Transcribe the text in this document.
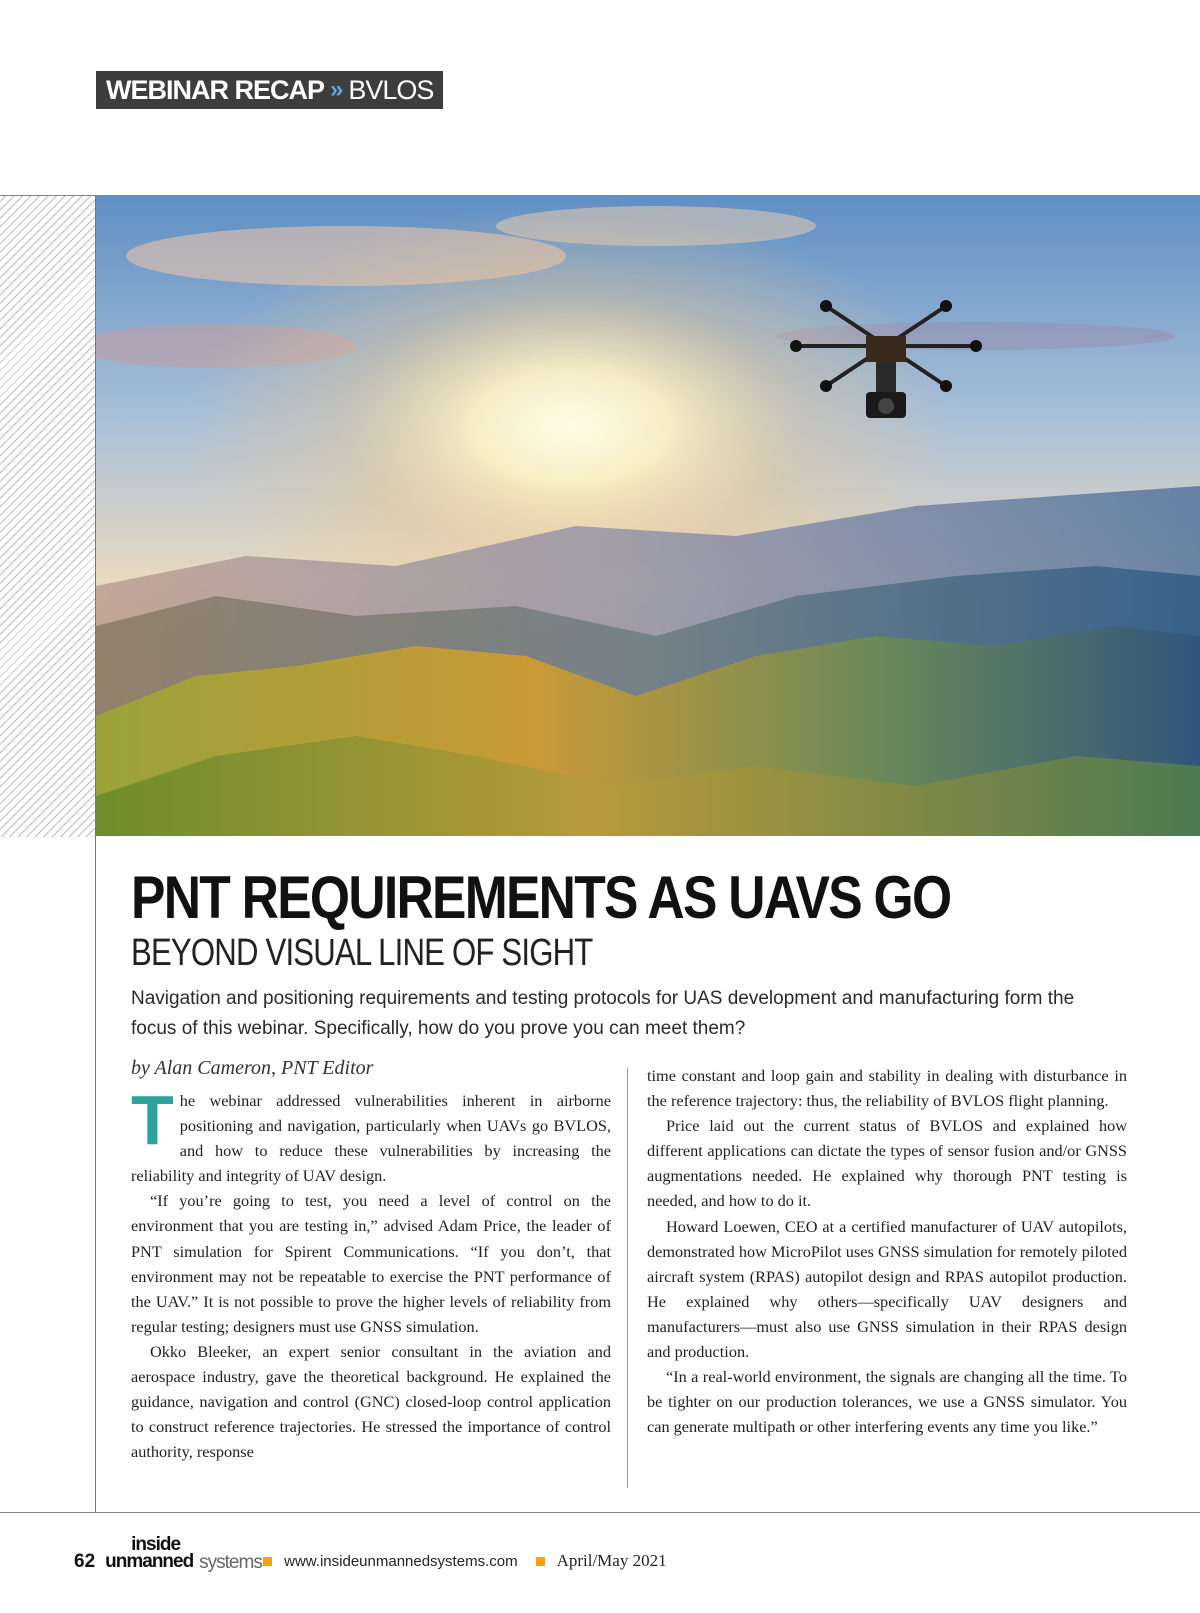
WEBINAR RECAP » BVLOS
PNT REQUIREMENTS AS UAVS GO
BEYOND VISUAL LINE OF SIGHT

Navigation and positioning requirements and testing protocols for UAS development and manufacturing form the focus of this webinar. Specifically, how do you prove you can meet them?

by Alan Cameron, PNT Editor

The webinar addressed vulnerabilities inherent in airborne positioning and navigation, particularly when UAVs go BVLOS, and how to reduce these vulnerabilities by increasing the reliability and integrity of UAV design.

“If you’re going to test, you need a level of control on the environment that you are testing in,” advised Adam Price, the leader of PNT simulation for Spirent Communications. “If you don’t, that environment may not be repeatable to exercise the PNT performance of the UAV.” It is not possible to prove the higher levels of reliability from regular testing; designers must use GNSS simulation.

Okko Bleeker, an expert senior consultant in the aviation and aerospace industry, gave the theoretical background. He explained the guidance, navigation and control (GNC) closed-loop control application to construct reference trajectories. He stressed the importance of control authority, response

time constant and loop gain and stability in dealing with disturbance in the reference trajectory: thus, the reliability of BVLOS flight planning.

Price laid out the current status of BVLOS and explained how different applications can dictate the types of sensor fusion and/or GNSS augmentations needed. He explained why thorough PNT testing is needed, and how to do it.

Howard Loewen, CEO at a certified manufacturer of UAV autopilots, demonstrated how MicroPilot uses GNSS simulation for remotely piloted aircraft system (RPAS) autopilot design and RPAS autopilot production. He explained why others—specifically UAV designers and manufacturers—must also use GNSS simulation in their RPAS design and production.

“In a real-world environment, the signals are changing all the time. To be tighter on our production tolerances, we use a GNSS simulator. You can generate multipath or other interfering events any time you like.”

62
inside
unmanned systems www.insideunmannedsystems.com April/May 2021
